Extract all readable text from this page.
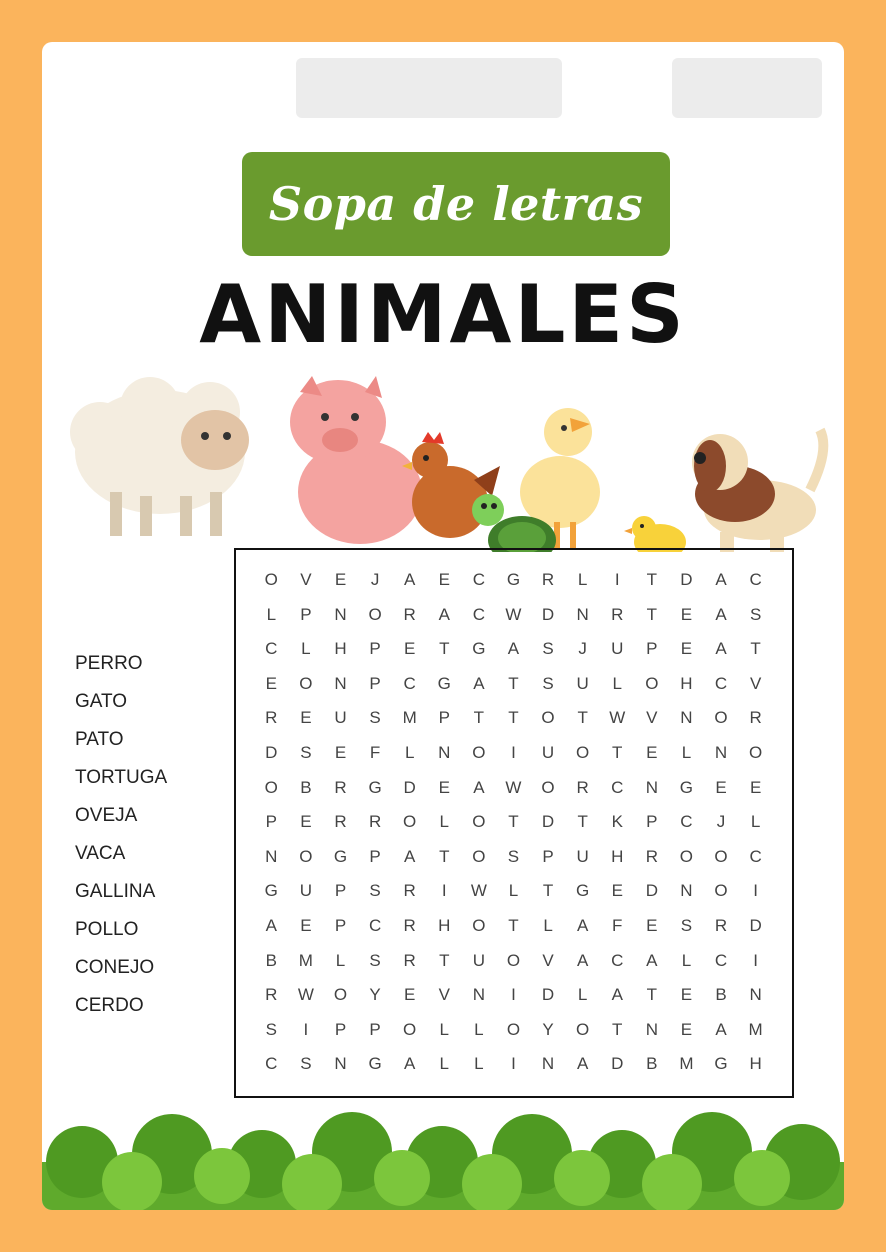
Sopa de letras
ANIMALES
PERRO
GATO
PATO
TORTUGA
OVEJA
VACA
GALLINA
POLLO
CONEJO
CERDO
O	V	E	J	A	E	C	G	R	L	I	T	D	A	C
L	P	N	O	R	A	C	W	D	N	R	T	E	A	S
C	L	H	P	E	T	G	A	S	J	U	P	E	A	T
E	O	N	P	C	G	A	T	S	U	L	O	H	C	V
R	E	U	S	M	P	T	T	O	T	W	V	N	O	R
D	S	E	F	L	N	O	I	U	O	T	E	L	N	O
O	B	R	G	D	E	A	W	O	R	C	N	G	E	E
P	E	R	R	O	L	O	T	D	T	K	P	C	J	L
N	O	G	P	A	T	O	S	P	U	H	R	O	O	C
G	U	P	S	R	I	W	L	T	G	E	D	N	O	I
A	E	P	C	R	H	O	T	L	A	F	E	S	R	D
B	M	L	S	R	T	U	O	V	A	C	A	L	C	I
R	W	O	Y	E	V	N	I	D	L	A	T	E	B	N
S	I	P	P	O	L	L	O	Y	O	T	N	E	A	M
C	S	N	G	A	L	L	I	N	A	D	B	M	G	H
